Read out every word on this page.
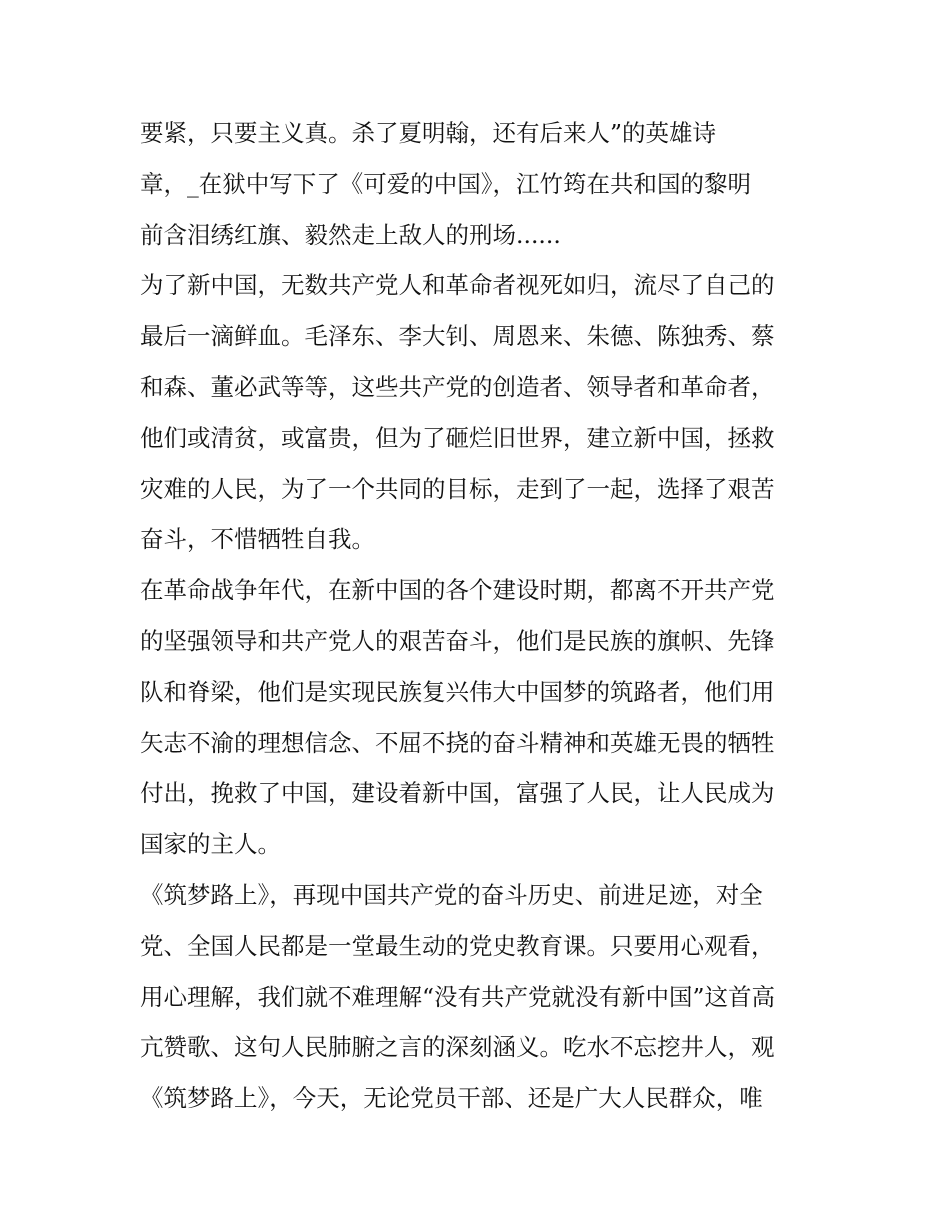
要紧，只要主义真。杀了夏明翰，还有后来人”的英雄诗
章，_在狱中写下了《可爱的中国》，江竹筠在共和国的黎明
前含泪绣红旗、毅然走上敌人的刑场......
为了新中国，无数共产党人和革命者视死如归，流尽了自己的
最后一滴鲜血。毛泽东、李大钊、周恩来、朱德、陈独秀、蔡
和森、董必武等等，这些共产党的创造者、领导者和革命者，
他们或清贫，或富贵，但为了砸烂旧世界，建立新中国，拯救
灾难的人民，为了一个共同的目标，走到了一起，选择了艰苦
奋斗，不惜牺牲自我。
在革命战争年代，在新中国的各个建设时期，都离不开共产党
的坚强领导和共产党人的艰苦奋斗，他们是民族的旗帜、先锋
队和脊梁，他们是实现民族复兴伟大中国梦的筑路者，他们用
矢志不渝的理想信念、不屈不挠的奋斗精神和英雄无畏的牺牲
付出，挽救了中国，建设着新中国，富强了人民，让人民成为
国家的主人。
《筑梦路上》，再现中国共产党的奋斗历史、前进足迹，对全
党、全国人民都是一堂最生动的党史教育课。只要用心观看，
用心理解，我们就不难理解“没有共产党就没有新中国”这首高
亢赞歌、这句人民肺腑之言的深刻涵义。吃水不忘挖井人，观
《筑梦路上》，今天，无论党员干部、还是广大人民群众，唯
